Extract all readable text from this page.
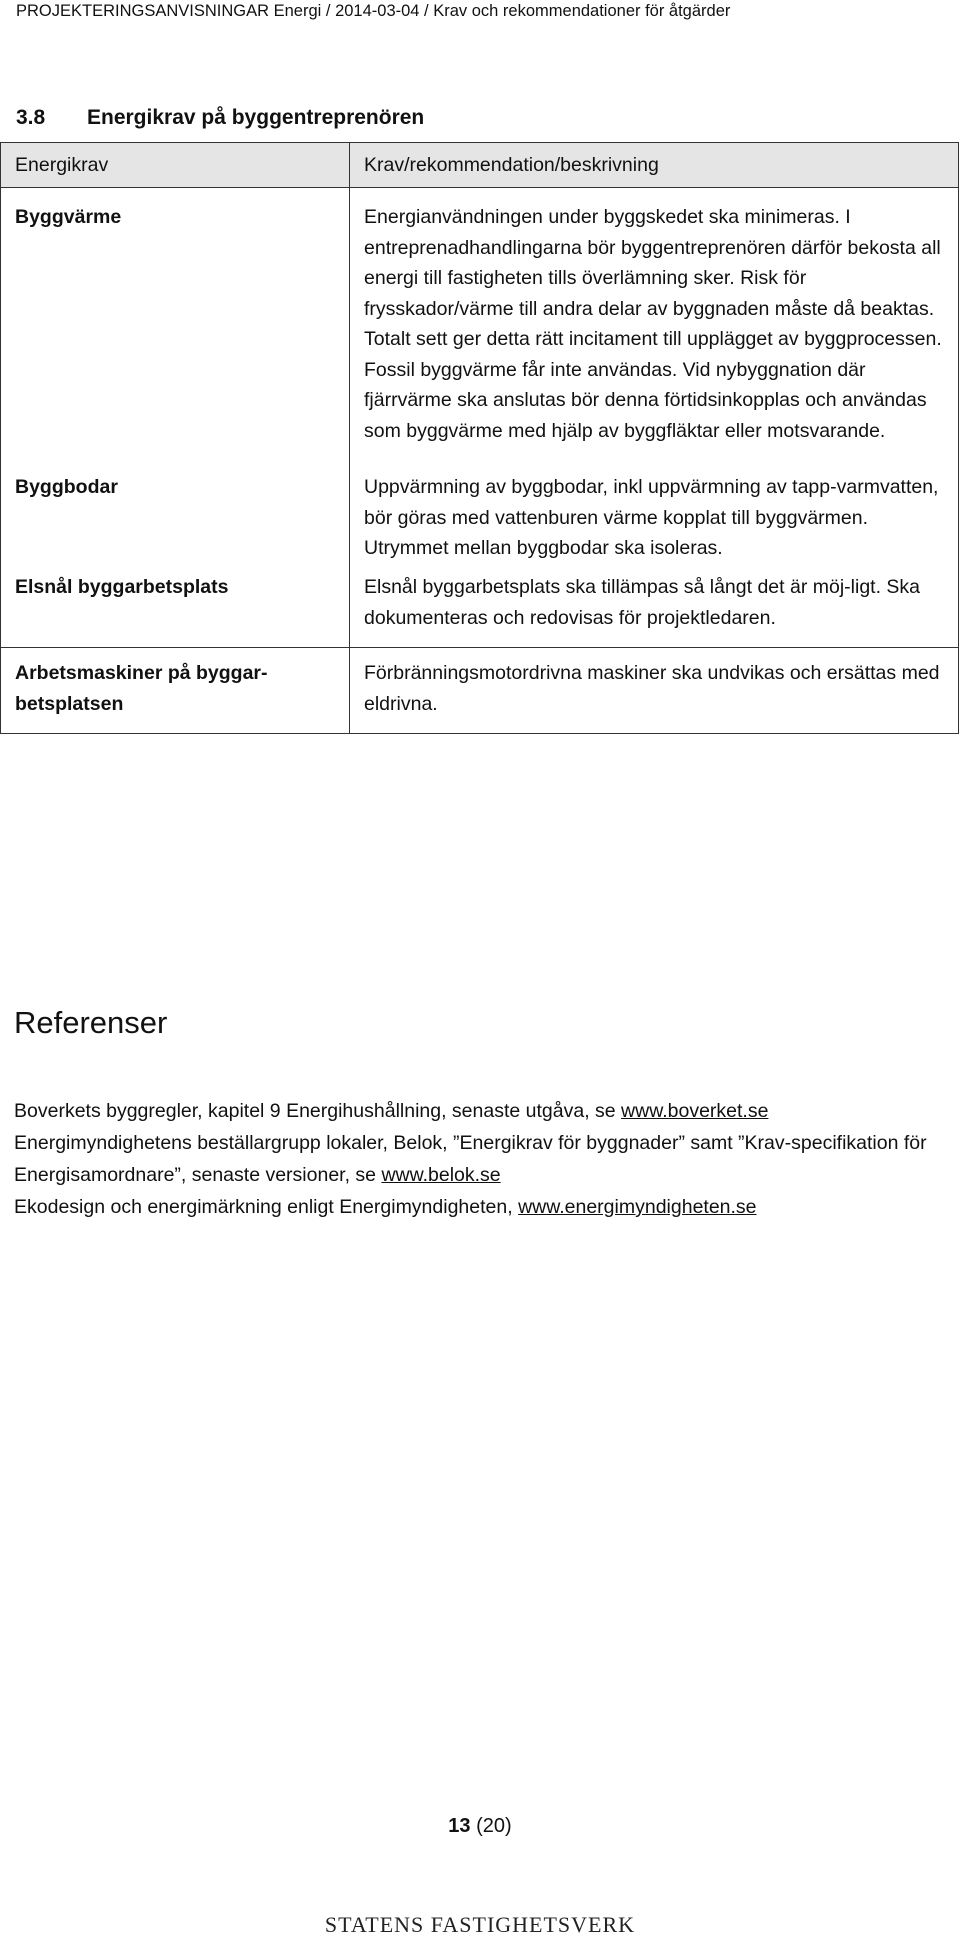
PROJEKTERINGSANVISNINGAR Energi / 2014-03-04 / Krav och rekommendationer för åtgärder
3.8 Energikrav på byggentreprenören
Energikrav	Krav/rekommendation/beskrivning
Byggvärme	Energianvändningen under byggskedet ska minimeras. I entreprenadhandlingarna bör byggentreprenören därför bekosta all energi till fastigheten tills överlämning sker. Risk för frysskador/värme till andra delar av byggnaden måste då beaktas. Totalt sett ger detta rätt incitament till upplägget av byggprocessen. Fossil byggvärme får inte användas. Vid nybyggnation där fjärrvärme ska anslutas bör denna förtidsinkopplas och användas som byggvärme med hjälp av byggfläktar eller motsvarande.
Byggbodar	Uppvärmning av byggbodar, inkl uppvärmning av tapp-varmvatten, bör göras med vattenburen värme kopplat till byggvärmen. Utrymmet mellan byggbodar ska isoleras.
Elsnål byggarbetsplats	Elsnål byggarbetsplats ska tillämpas så långt det är möj-ligt. Ska dokumenteras och redovisas för projektledaren.
Arbetsmaskiner på byggar-betsplatsen	Förbränningsmotordrivna maskiner ska undvikas och ersättas med eldrivna.
Referenser

Boverkets byggregler, kapitel 9 Energihushållning, senaste utgåva, se www.boverket.se

Energimyndighetens beställargrupp lokaler, Belok, ”Energikrav för byggnader” samt ”Krav-specifikation för Energisamordnare”, senaste versioner, se www.belok.se

Ekodesign och energimärkning enligt Energimyndigheten, www.energimyndigheten.se

13 (20)
STATENS FASTIGHETSVERK
